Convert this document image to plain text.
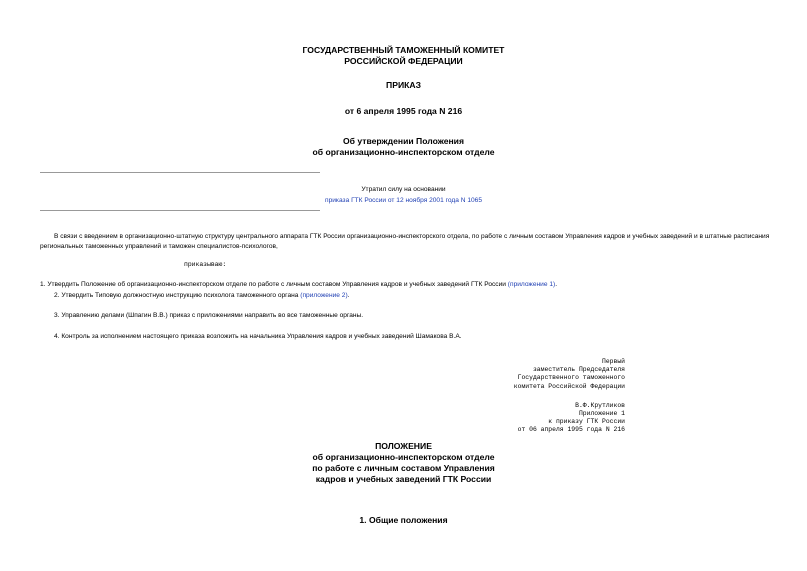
ГОСУДАРСТВЕННЫЙ ТАМОЖЕННЫЙ КОМИТЕТ
РОССИЙСКОЙ ФЕДЕРАЦИИ
ПРИКАЗ
от 6 апреля 1995 года N 216
Об утверждении Положения
об организационно-инспекторском отделе
Утратил силу на основании
приказа ГТК России от 12 ноября 2001 года N 1065
В связи с введением в организационно-штатную структуру центрального аппарата ГТК России организационно-инспекторского отдела, по работе с личным составом Управления кадров и учебных заведений и в штатные расписания региональных таможенных управлений и таможен специалистов-психологов,
приказываю:
1. Утвердить Положение об организационно-инспекторском отделе по работе с личным составом Управления кадров и учебных заведений ГТК России (приложение 1).
2. Утвердить Типовую должностную инструкцию психолога таможенного органа (приложение 2).
3. Управлению делами (Шпагин В.В.) приказ с приложениями направить во все таможенные органы.
4. Контроль за исполнением настоящего приказа возложить на начальника Управления кадров и учебных заведений Шамакова В.А.
Первый
заместитель Председателя
Государственного таможенного
комитета Российской Федерации
В.Ф.Крутликов
Приложение 1
к приказу ГТК России
от 06 апреля 1995 года N 216
ПОЛОЖЕНИЕ
об организационно-инспекторском отделе
по работе с личным составом Управления
кадров и учебных заведений ГТК России
1. Общие положения
